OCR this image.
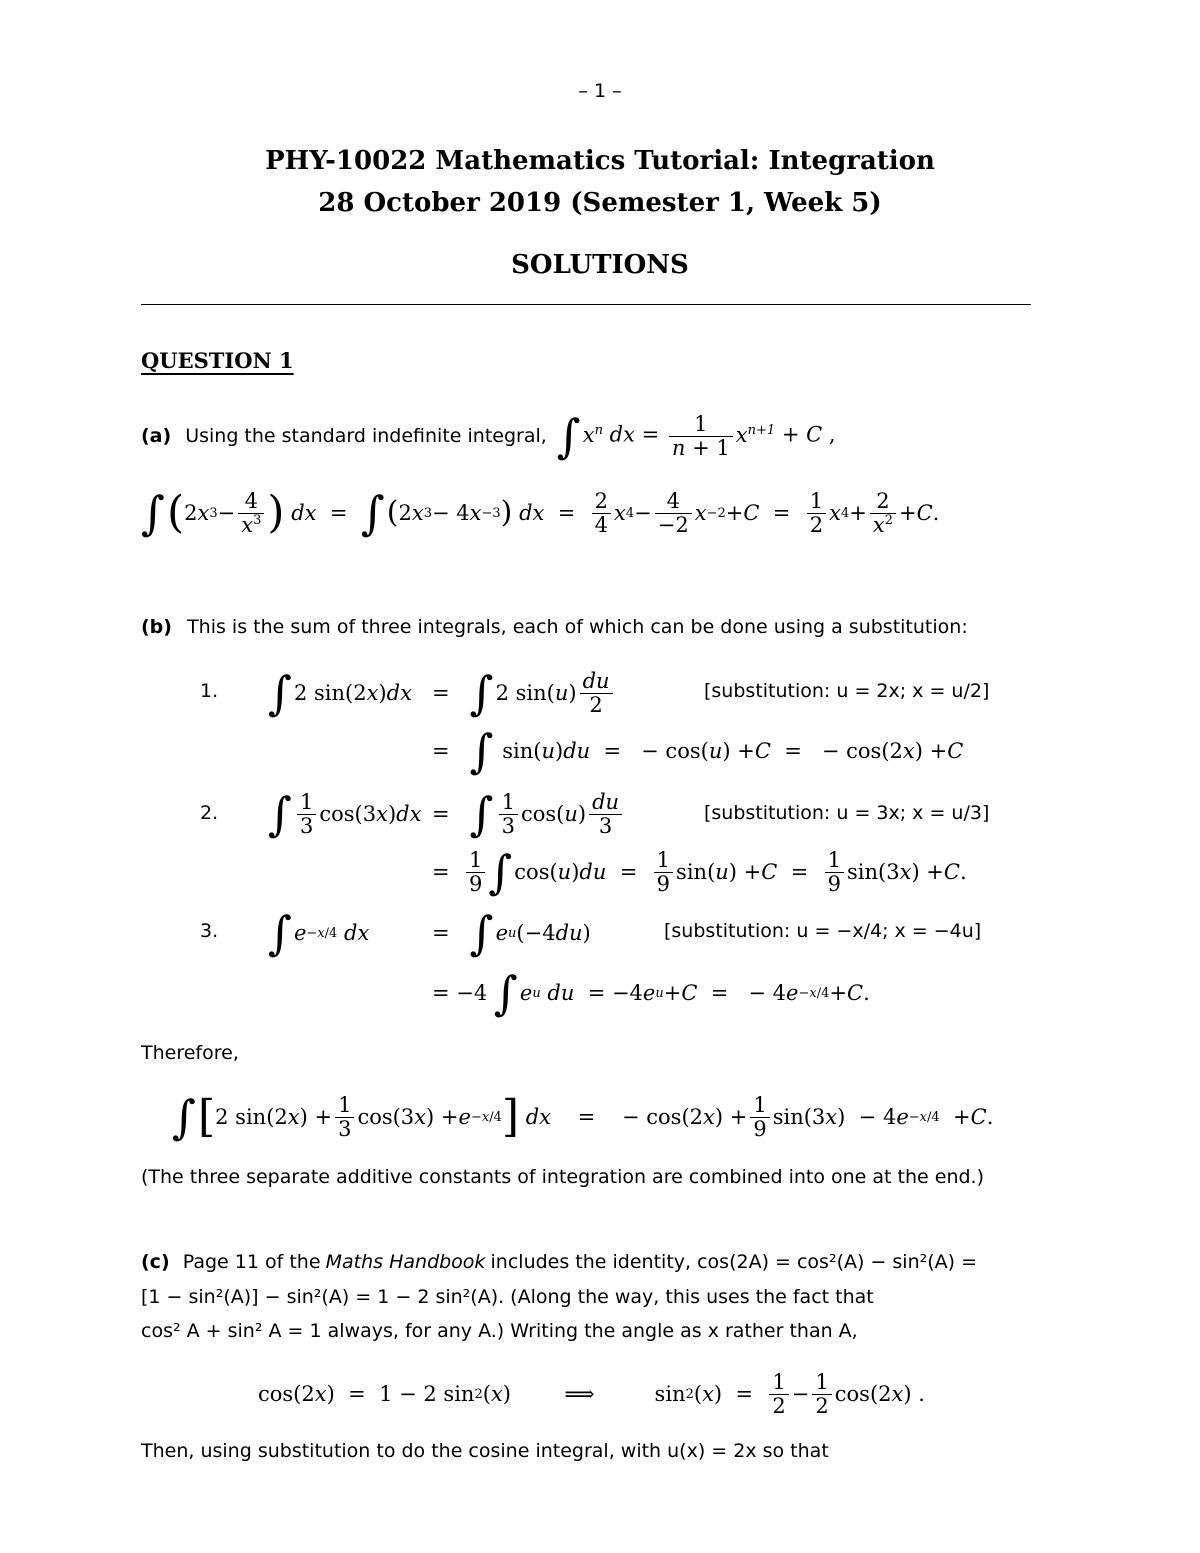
– 1 –
PHY-10022 Mathematics Tutorial: Integration
28 October 2019 (Semester 1, Week 5)
SOLUTIONS
QUESTION 1
(a) Using the standard indefinite integral, $\int x^n$ dx = $\frac{1}{n + 1} x^{n+1} + C$ ,
∫ ( 2 x $3 - \frac{4}{x^3}$ )
dx = ∫ ( 2 x 3 − 4 x −3 )
dx = $\frac{2}{4}$ x $4 - \frac{4}{-2}$ $x -2 + C = \frac{1}{2}$ x $4 + \frac{2}{x^2} + C$ .
(b) This is the sum of three integrals, each of which can be done using a substitution:
1. ∫ 2 sin(2 x ) dx = ∫ 2 sin( u ) $\frac{du}{2}$	[substitution: u = 2x; x = u/2]
= ∫ sin( u ) du =   − cos( u ) + C =   − cos(2 x ) + C
2. ∫ $\frac{1}{3} \cos(3$ x ) dx = ∫ $\frac{1}{3} \cos$( u ) $\frac{du}{3}$	[substitution: u = 3x; x = u/3]
= $\frac{1}{9}$ ∫ cos( u ) du = $\frac{1}{9} \sin$( u ) + $C = \frac{1}{9} \sin(3$ x ) + C .
3. ∫ e −x/4
dx	= ∫ e u (−4 du )	[substitution: u = −x/4; x = −4u]
= −4 ∫ e u
du = −4 e u + C =   − 4 e −x/4 + C .
Therefore,
∫ [ 2 sin(2 x ) + $\frac{1}{3} \cos(3$ x ) + e −x/4 ]
dx =    − cos(2 x ) + $\frac{1}{9} \sin(3$ x )  − 4 e −x/4 + C .
(The three separate additive constants of integration are combined into one at the end.)
(c) Page 11 of the Maths Handbook includes the identity, cos(2A) = cos²(A) − sin²(A) =
[1 − sin²(A)] − sin²(A) = 1 − 2 sin²(A). (Along the way, this uses the fact that
cos² A + sin² A = 1 always, for any A.) Writing the angle as x rather than A,
cos(2 x )  =  1 − 2 sin 2 ( x )        ⟹         sin 2 ( x )  = $\frac{1}{2} - \frac{1}{2} \cos(2$ x ) .
Then, using substitution to do the cosine integral, with u(x) = 2x so that
